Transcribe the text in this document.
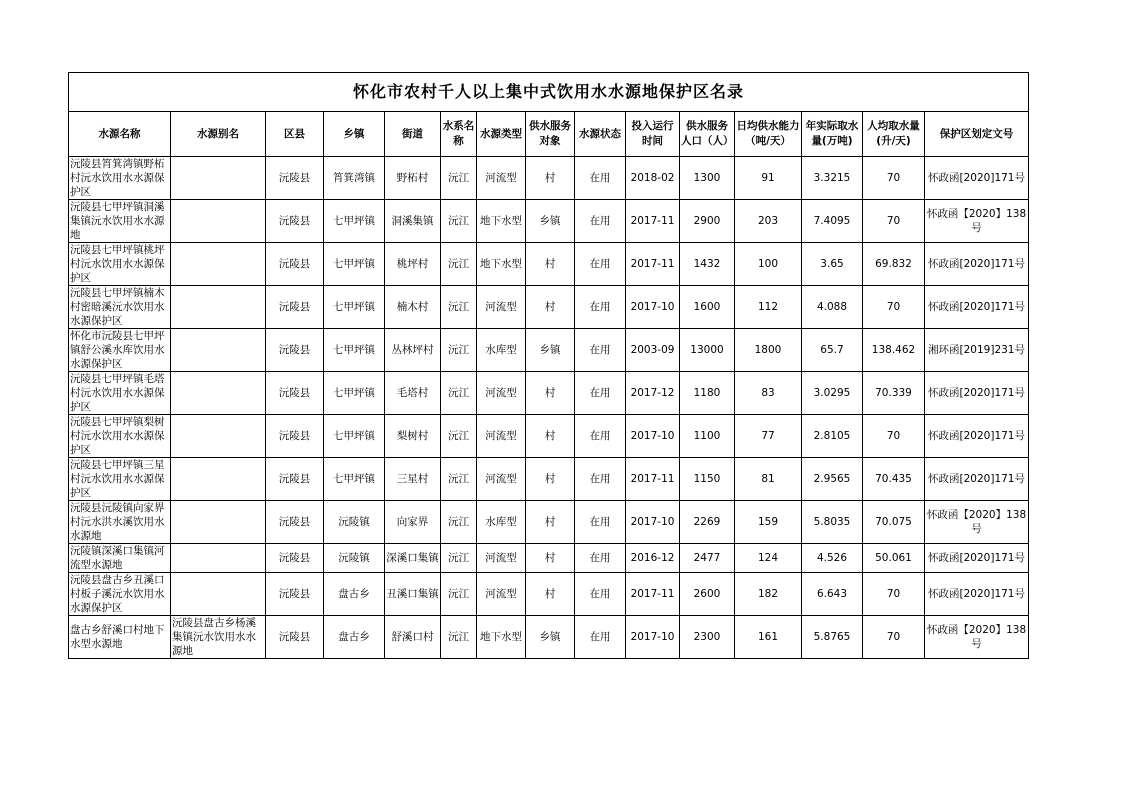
怀化市农村千人以上集中式饮用水水源地保护区名录														
水源名称	水源别名	区县	乡镇	街道	水系名称	水源类型	供水服务对象	水源状态	投入运行时间	供水服务人口（人）	日均供水能力（吨/天）	年实际取水量(万吨)	人均取水量(升/天)	保护区划定文号
沅陵县筲箕湾镇野柘村沅水饮用水水源保护区		沅陵县	筲箕湾镇	野柘村	沅江	河流型	村	在用	2018-02	1300	91	3.3215	70	怀政函[2020]171号
沅陵县七甲坪镇洞溪集镇沅水饮用水水源地		沅陵县	七甲坪镇	洞溪集镇	沅江	地下水型	乡镇	在用	2017-11	2900	203	7.4095	70	怀政函【2020】138号
沅陵县七甲坪镇桃坪村沅水饮用水水源保护区		沅陵县	七甲坪镇	桃坪村	沅江	地下水型	村	在用	2017-11	1432	100	3.65	69.832	怀政函[2020]171号
沅陵县七甲坪镇楠木村密暗溪沅水饮用水水源保护区		沅陵县	七甲坪镇	楠木村	沅江	河流型	村	在用	2017-10	1600	112	4.088	70	怀政函[2020]171号
怀化市沅陵县七甲坪镇舒公溪水库饮用水水源保护区		沅陵县	七甲坪镇	丛林坪村	沅江	水库型	乡镇	在用	2003-09	13000	1800	65.7	138.462	湘环函[2019]231号
沅陵县七甲坪镇毛塔村沅水饮用水水源保护区		沅陵县	七甲坪镇	毛塔村	沅江	河流型	村	在用	2017-12	1180	83	3.0295	70.339	怀政函[2020]171号
沅陵县七甲坪镇梨树村沅水饮用水水源保护区		沅陵县	七甲坪镇	梨树村	沅江	河流型	村	在用	2017-10	1100	77	2.8105	70	怀政函[2020]171号
沅陵县七甲坪镇三星村沅水饮用水水源保护区		沅陵县	七甲坪镇	三星村	沅江	河流型	村	在用	2017-11	1150	81	2.9565	70.435	怀政函[2020]171号
沅陵县沅陵镇向家界村沅水洪水溪饮用水水源地		沅陵县	沅陵镇	向家界	沅江	水库型	村	在用	2017-10	2269	159	5.8035	70.075	怀政函【2020】138号
沅陵镇深溪口集镇河流型水源地		沅陵县	沅陵镇	深溪口集镇	沅江	河流型	村	在用	2016-12	2477	124	4.526	50.061	怀政函[2020]171号
沅陵县盘古乡丑溪口村板子溪沅水饮用水水源保护区		沅陵县	盘古乡	丑溪口集镇	沅江	河流型	村	在用	2017-11	2600	182	6.643	70	怀政函[2020]171号
盘古乡舒溪口村地下水型水源地	沅陵县盘古乡杨溪集镇沅水饮用水水源地	沅陵县	盘古乡	舒溪口村	沅江	地下水型	乡镇	在用	2017-10	2300	161	5.8765	70	怀政函【2020】138号
